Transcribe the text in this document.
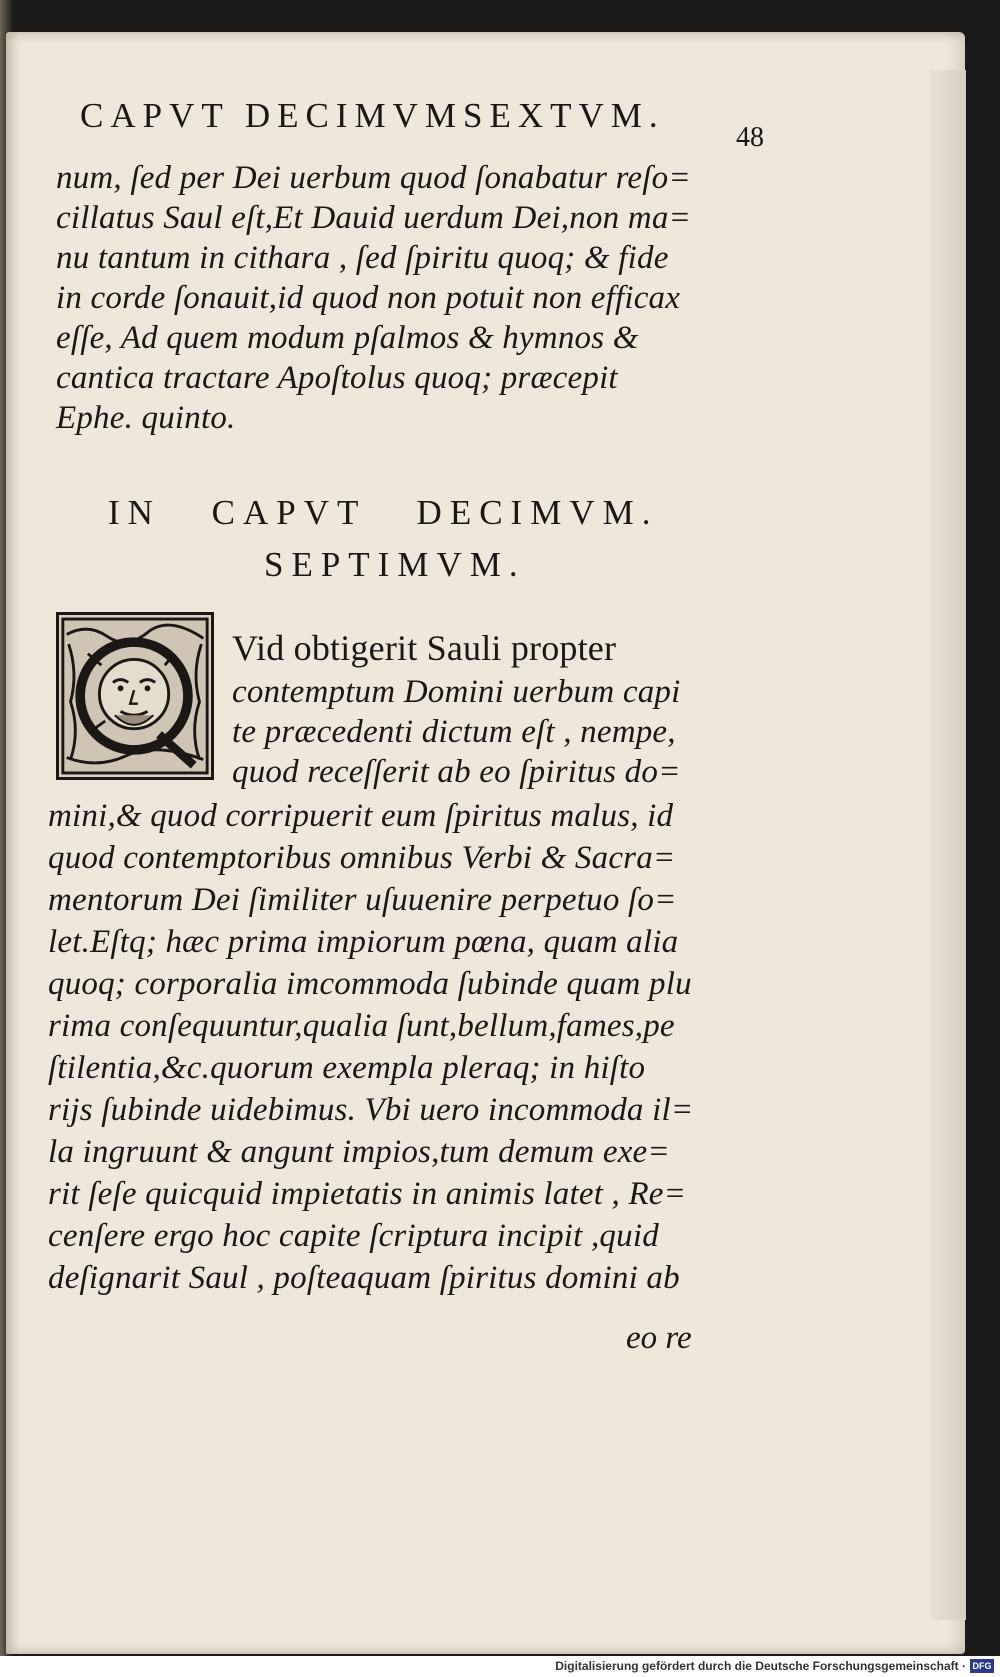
CAPVT DECIMVMSEXTVM.
48
num, ſed per Dei uerbum quod ſonabatur reſo=
cillatus Saul eſt,Et Dauid uerdum Dei,non ma=
nu tantum in cithara , ſed ſpiritu quoq; & fide
in corde ſonauit,id quod non potuit non efficax
eſſe, Ad quem modum pſalmos & hymnos &
cantica tractare Apoſtolus quoq; præcepit
Ephe. quinto.
IN CAPVT DECIMVM.
SEPTIMVM.
Vid obtigerit Sauli propter
contemptum Domini uerbum capi
te præcedenti dictum eſt , nempe,
quod receſſerit ab eo ſpiritus do=
mini,& quod corripuerit eum ſpiritus malus, id
quod contemptoribus omnibus Verbi & Sacra=
mentorum Dei ſimiliter uſuuenire perpetuo ſo=
let.Eſtq; hæc prima impiorum pœna, quam alia
quoq; corporalia imcommoda ſubinde quam plu
rima conſequuntur,qualia ſunt,bellum,fames,pe
ſtilentia,&c.quorum exempla pleraq; in hiſto
rijs ſubinde uidebimus. Vbi uero incommoda il=
la ingruunt & angunt impios,tum demum exe=
rit ſeſe quicquid impietatis in animis latet , Re=
cenſere ergo hoc capite ſcriptura incipit ,quid
deſignarit Saul , poſteaquam ſpiritus domini ab
eo re
Digitalisierung gefördert durch die Deutsche Forschungsgemeinschaft · DFG
